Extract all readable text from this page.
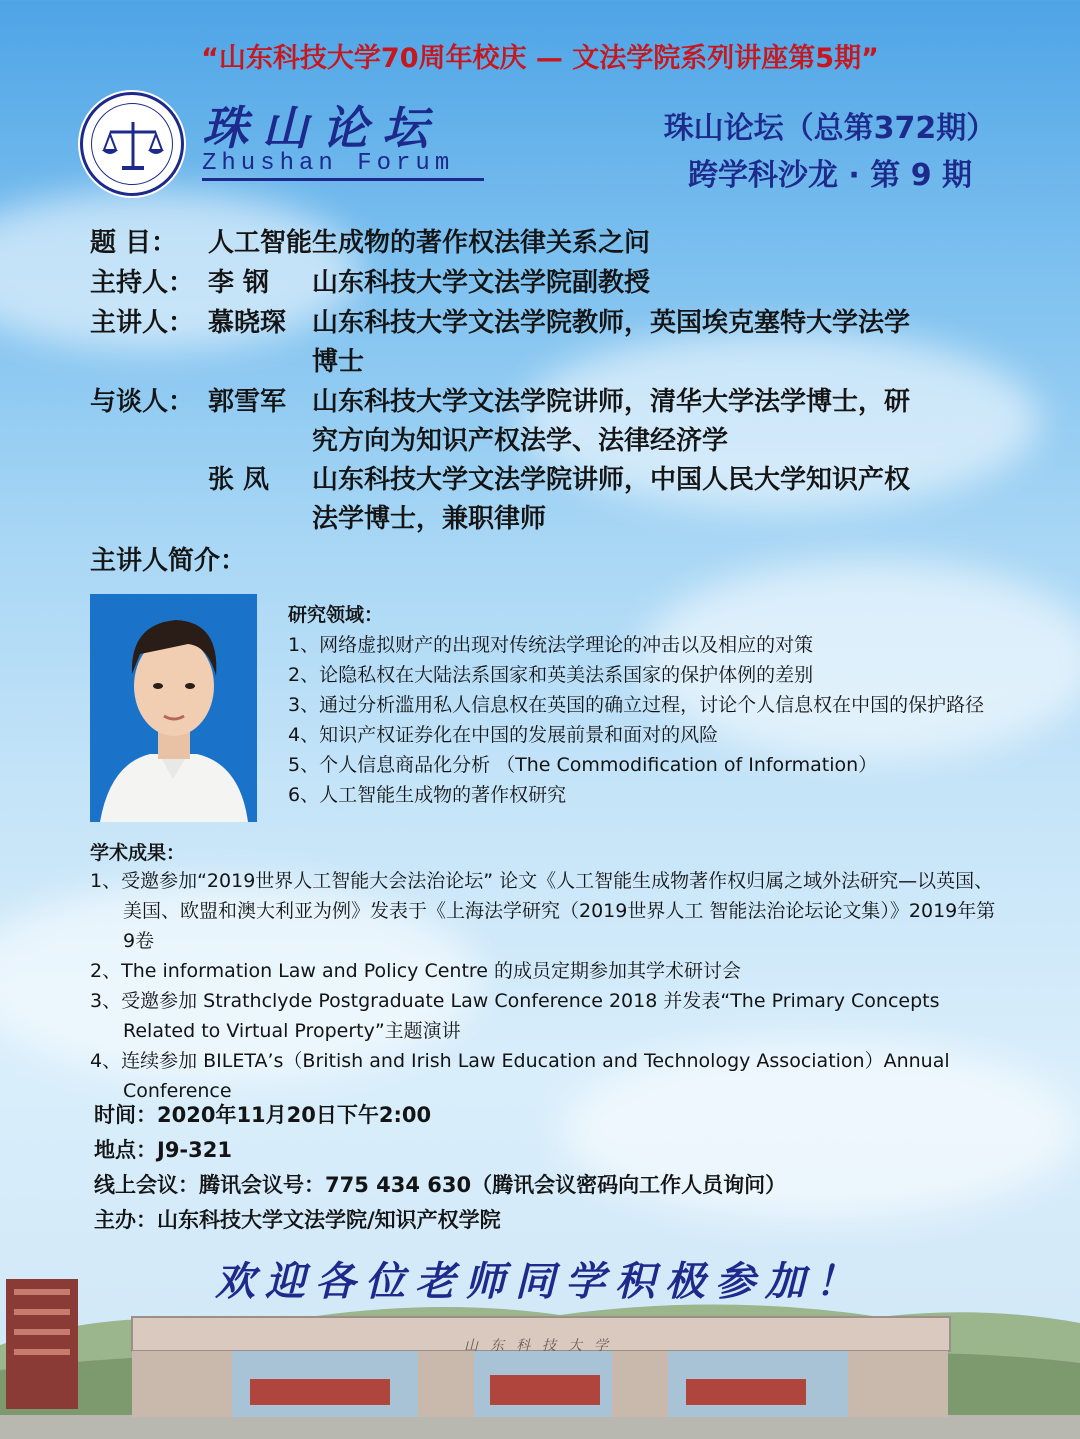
“山东科技大学70周年校庆 — 文法学院系列讲座第5期”
珠山论坛
Zhushan Forum
珠山论坛（总第372期）
跨学科沙龙 · 第 9 期
题 目：	人工智能生成物的著作权法律关系之问
主持人： 李 钢	山东科技大学文法学院副教授
主讲人： 慕晓琛 山东科技大学文法学院教师，英国埃克塞特大学法学
博士
与谈人： 郭雪军 山东科技大学文法学院讲师，清华大学法学博士，研
究方向为知识产权法学、法律经济学
张 凤	山东科技大学文法学院讲师，中国人民大学知识产权
法学博士，兼职律师
主讲人简介：
研究领域：
1、网络虚拟财产的出现对传统法学理论的冲击以及相应的对策
2、论隐私权在大陆法系国家和英美法系国家的保护体例的差别
3、通过分析滥用私人信息权在英国的确立过程，讨论个人信息权在中国的保护路径
4、知识产权证券化在中国的发展前景和面对的风险
5、个人信息商品化分析 （The Commodification of Information）
6、人工智能生成物的著作权研究
学术成果：
1、受邀参加“2019世界人工智能大会法治论坛” 论文《人工智能生成物著作权归属之域外法研究—以英国、美国、欧盟和澳大利亚为例》发表于《上海法学研究（2019世界人工 智能法治论坛论文集）》2019年第9卷
2、The information Law and Policy Centre 的成员定期参加其学术研讨会
3、受邀参加 Strathclyde Postgraduate Law Conference 2018 并发表“The Primary Concepts Related to Virtual Property”主题演讲
4、连续参加 BILETA’s（British and Irish Law Education and Technology Association）Annual Conference
时间：2020年11月20日下午2:00
地点：J9-321
线上会议：腾讯会议号：775 434 630（腾讯会议密码向工作人员询问）
主办：山东科技大学文法学院/知识产权学院
欢迎各位老师同学积极参加！
山东科技大学
